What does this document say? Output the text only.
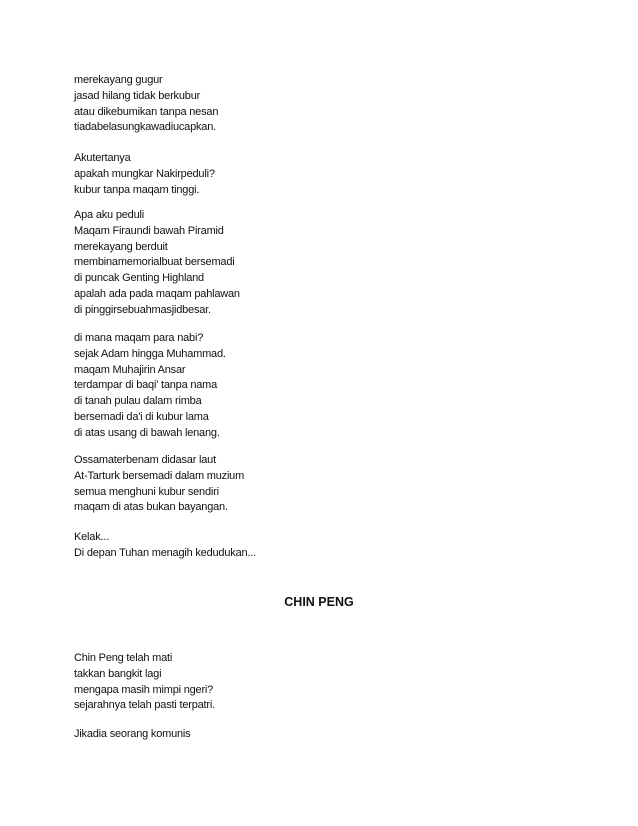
merekayang gugur
jasad hilang tidak berkubur
atau dikebumikan tanpa nesan
tiadabelasungkawadiucapkan.
Akutertanya
apakah mungkar Nakirpeduli?
kubur tanpa maqam tinggi.
Apa aku peduli
Maqam Firaundi bawah Piramid
merekayang berduit
membinamemorialbuat bersemadi
di puncak Genting Highland
apalah ada pada maqam pahlawan
di pinggirsebuahmasjidbesar.
di mana maqam para nabi?
sejak Adam hingga Muhammad.
maqam Muhajirin Ansar
terdampar di baqi' tanpa nama
di tanah pulau dalam rimba
bersemadi da'i di kubur lama
di atas usang di bawah lenang.
Ossamaterbenam didasar laut
At-Tarturk bersemadi dalam muzium
semua menghuni kubur sendiri
maqam di atas bukan bayangan.
Kelak...
Di depan Tuhan menagih kedudukan...
CHIN PENG
Chin Peng telah mati
takkan bangkit lagi
mengapa masih mimpi ngeri?
sejarahnya telah pasti terpatri.
Jikadia seorang komunis
